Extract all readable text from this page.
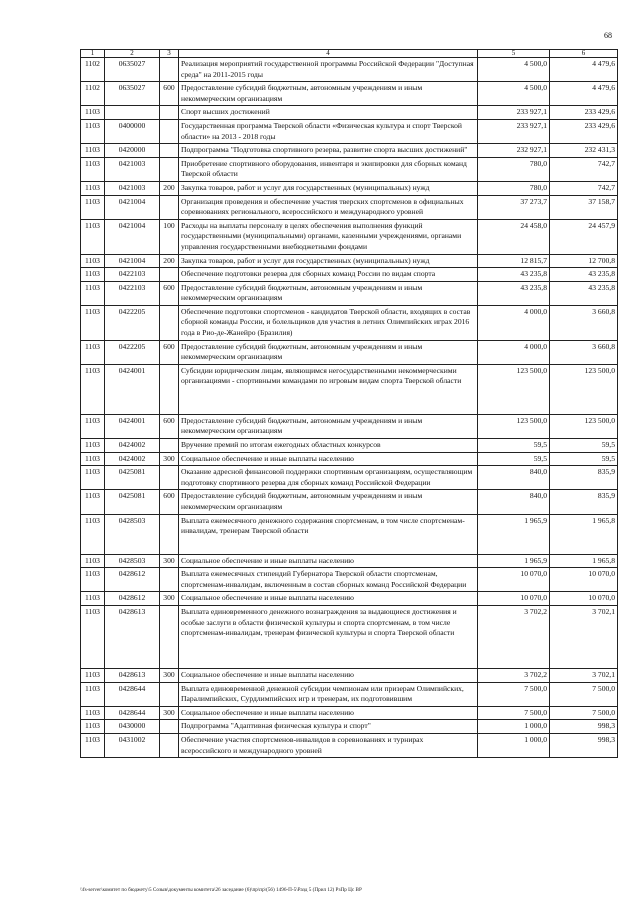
68
1	2	3	4	5	6
1102	0635027		Реализация мероприятий государственной программы Российской Федерации "Доступная среда" на 2011-2015 годы	4 500,0	4 479,6
1102	0635027	600	Предоставление субсидий бюджетным, автономным учреждениям и иным некоммерческим организациям	4 500,0	4 479,6
1103			Спорт высших достижений	233 927,1	233 429,6
1103	0400000		Государственная программа Тверской области «Физическая культура и спорт Тверской области» на 2013 - 2018 годы	233 927,1	233 429,6
1103	0420000		Подпрограмма "Подготовка спортивного резерва, развитие спорта высших достижений"	232 927,1	232 431,3
1103	0421003		Приобретение спортивного оборудования, инвентаря и экипировки для сборных команд Тверской области	780,0	742,7
1103	0421003	200	Закупка товаров, работ и услуг для государственных (муниципальных) нужд	780,0	742,7
1103	0421004		Организация проведения и обеспечение участия тверских спортсменов в официальных соревнованиях регионального, всероссийского и международного уровней	37 273,7	37 158,7
1103	0421004	100	Расходы на выплаты персоналу в целях обеспечения выполнения функций государственными (муниципальными) органами, казенными учреждениями, органами управления государственными внебюджетными фондами	24 458,0	24 457,9
1103	0421004	200	Закупка товаров, работ и услуг для государственных (муниципальных) нужд	12 815,7	12 700,8
1103	0422103		Обеспечение подготовки резерва для сборных команд России по видам спорта	43 235,8	43 235,8
1103	0422103	600	Предоставление субсидий бюджетным, автономным учреждениям и иным некоммерческим организациям	43 235,8	43 235,8
1103	0422205		Обеспечение подготовки спортсменов - кандидатов Тверской области, входящих в состав сборной команды России, и болельщиков для участия в летних Олимпийских играх 2016 года в Рио-де-Жанейро (Бразилия)	4 000,0	3 660,8
1103	0422205	600	Предоставление субсидий бюджетным, автономным учреждениям и иным некоммерческим организациям	4 000,0	3 660,8
1103	0424001		Субсидии юридическим лицам, являющимся негосударственными некоммерческими организациями - спортивными командами по игровым видам спорта Тверской области	123 500,0	123 500,0
1103	0424001	600	Предоставление субсидий бюджетным, автономным учреждениям и иным некоммерческим организациям	123 500,0	123 500,0
1103	0424002		Вручение премий по итогам ежегодных областных конкурсов	59,5	59,5
1103	0424002	300	Социальное обеспечение и иные выплаты населению	59,5	59,5
1103	0425081		Оказание адресной финансовой поддержки спортивным организациям, осуществляющим подготовку спортивного резерва для сборных команд Российской Федерации	840,0	835,9
1103	0425081	600	Предоставление субсидий бюджетным, автономным учреждениям и иным некоммерческим организациям	840,0	835,9
1103	0428503		Выплата ежемесячного денежного содержания спортсменам, в том числе спортсменам-инвалидам, тренерам Тверской области	1 965,9	1 965,8
1103	0428503	300	Социальное обеспечение и иные выплаты населению	1 965,9	1 965,8
1103	0428612		Выплата ежемесячных стипендий Губернатора Тверской области спортсменам, спортсменам-инвалидам, включенным в состав сборных команд Российской Федерации	10 070,0	10 070,0
1103	0428612	300	Социальное обеспечение и иные выплаты населению	10 070,0	10 070,0
1103	0428613		Выплата единовременного денежного вознаграждения за выдающиеся достижения и особые заслуги в области физической культуры и спорта спортсменам, в том числе спортсменам-инвалидам, тренерам физической культуры и спорта Тверской области	3 702,2	3 702,1
1103	0428613	300	Социальное обеспечение и иные выплаты населению	3 702,2	3 702,1
1103	0428644		Выплата единовременной денежной субсидии чемпионам или призерам Олимпийских, Паралимпийских, Сурдлимпийских игр и тренерам, их подготовившим	7 500,0	7 500,0
1103	0428644	300	Социальное обеспечение и иные выплаты населению	7 500,0	7 500,0
1103	0430000		Подпрограмма "Адаптивная физическая культура и спорт"	1 000,0	998,3
1103	0431002		Обеспечение участия спортсменов-инвалидов в соревнованиях и турнирах всероссийского и международного уровней	1 000,0	998,3
\\fs-server\комитет по бюджету\5 Созыв\документы комитета\26 заседание (6)\пр\пр\(56) 1496-П-5\Разд 5 (Прил 12) РзПр Цс ВР
